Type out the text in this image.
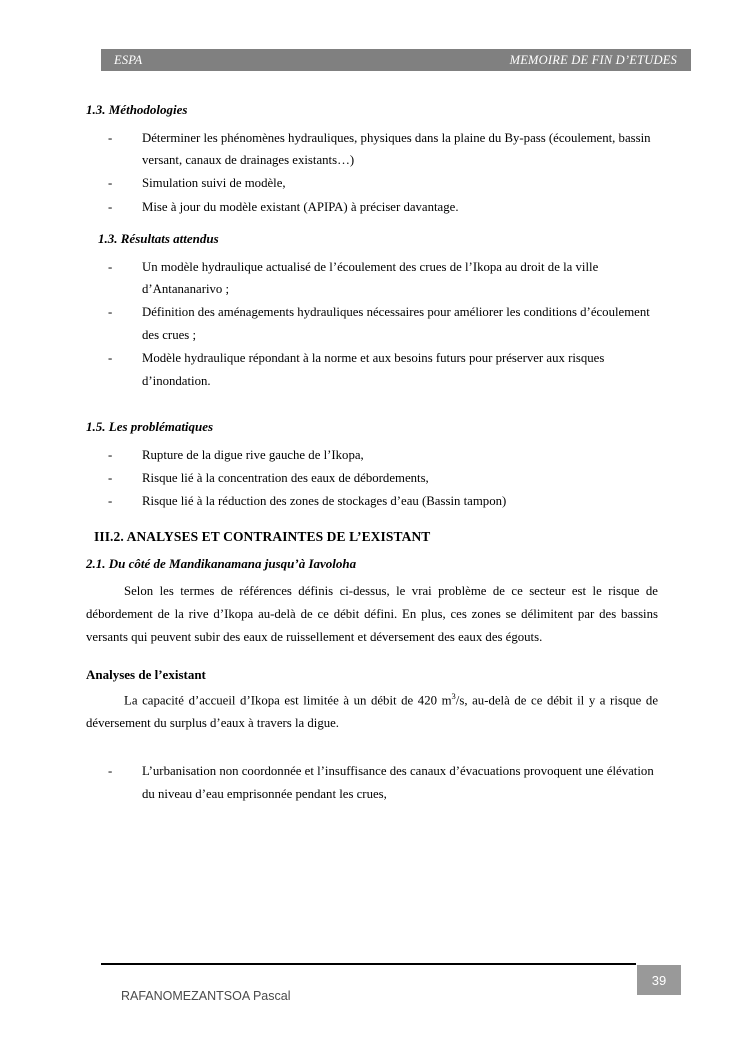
ESPA	MEMOIRE DE FIN D’ETUDES
1.3. Méthodologies
- Déterminer les phénomènes hydrauliques, physiques dans la plaine du By-pass (écoulement, bassin versant, canaux de drainages existants…)
- Simulation suivi de modèle,
- Mise à jour du modèle existant (APIPA) à préciser davantage.
1.3. Résultats attendus
- Un modèle hydraulique actualisé de l’écoulement des crues de l’Ikopa au droit de la ville d’Antananarivo ;
- Définition des aménagements hydrauliques nécessaires pour améliorer les conditions d’écoulement des crues ;
- Modèle hydraulique répondant à la norme et aux besoins futurs pour préserver aux risques d’inondation.
1.5. Les problématiques
- Rupture de la digue rive gauche de l’Ikopa,
- Risque lié à la concentration des eaux de débordements,
- Risque lié à la réduction des zones de stockages d’eau (Bassin tampon)
III.2. ANALYSES ET CONTRAINTES DE L’EXISTANT
2.1. Du côté de Mandikanamana jusqu’à Iavoloha

Selon les termes de références définis ci-dessus, le vrai problème de ce secteur est le risque de débordement de la rive d’Ikopa au-delà de ce débit défini. En plus, ces zones se délimitent par des bassins versants qui peuvent subir des eaux de ruissellement et déversement des eaux des égouts.

Analyses de l’existant

La capacité d’accueil d’Ikopa est limitée à un débit de 420 $m^3/s$, au-delà de ce débit il y a risque de déversement du surplus d’eaux à travers la digue.

- L’urbanisation non coordonnée et l’insuffisance des canaux d’évacuations provoquent une élévation du niveau d’eau emprisonnée pendant les crues,
RAFANOMEZANTSOA Pascal
39
